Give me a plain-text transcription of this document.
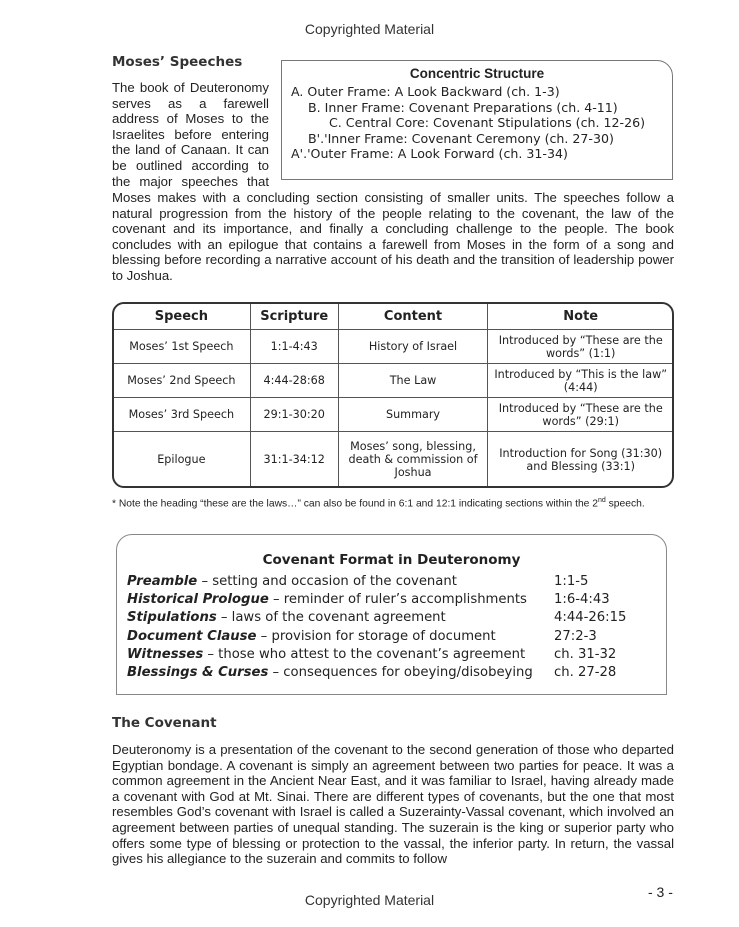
Copyrighted Material
Moses’ Speeches
The book of Deuteronomy
serves as a farewell
address of Moses to the
Israelites before entering
the land of Canaan. It can
be outlined according to
the major speeches that
Concentric Structure
A. Outer Frame: A Look Backward (ch. 1-3)
B. Inner Frame: Covenant Preparations (ch. 4-11)
C. Central Core: Covenant Stipulations (ch. 12-26)
B'.'Inner Frame: Covenant Ceremony (ch. 27-30)
A'.'Outer Frame: A Look Forward (ch. 31-34)
Moses makes with a concluding section consisting of smaller units. The speeches follow a natural progression from the history of the people relating to the covenant, the law of the covenant and its importance, and finally a concluding challenge to the people. The book concludes with an epilogue that contains a farewell from Moses in the form of a song and blessing before recording a narrative account of his death and the transition of leadership power to Joshua.
Speech	Scripture	Content	Note
Moses’ 1st Speech	1:1-4:43	History of Israel	Introduced by “These are the words” (1:1)
Moses’ 2nd Speech	4:44-28:68	The Law	Introduced by “This is the law” (4:44)
Moses’ 3rd Speech	29:1-30:20	Summary	Introduced by “These are the words” (29:1)
Epilogue	31:1-34:12	Moses’ song, blessing, death & commission of Joshua	Introduction for Song (31:30) and Blessing (33:1)
* Note the heading “these are the laws…” can also be found in 6:1 and 12:1 indicating sections within the 2nd speech.
Covenant Format in Deuteronomy
Preamble – setting and occasion of the covenant	1:1-5
Historical Prologue – reminder of ruler’s accomplishments 1:6-4:43
Stipulations – laws of the covenant agreement	4:44-26:15
Document Clause – provision for storage of document	27:2-3
Witnesses – those who attest to the covenant’s agreement ch. 31-32
Blessings & Curses – consequences for obeying/disobeying ch. 27-28
The Covenant
Deuteronomy is a presentation of the covenant to the second generation of those who departed Egyptian bondage. A covenant is simply an agreement between two parties for peace. It was a common agreement in the Ancient Near East, and it was familiar to Israel, having already made a covenant with God at Mt. Sinai. There are different types of covenants, but the one that most resembles God’s covenant with Israel is called a Suzerainty-Vassal covenant, which involved an agreement between parties of unequal standing. The suzerain is the king or superior party who offers some type of blessing or protection to the vassal, the inferior party. In return, the vassal gives his allegiance to the suzerain and commits to follow
- 3 -
Copyrighted Material
